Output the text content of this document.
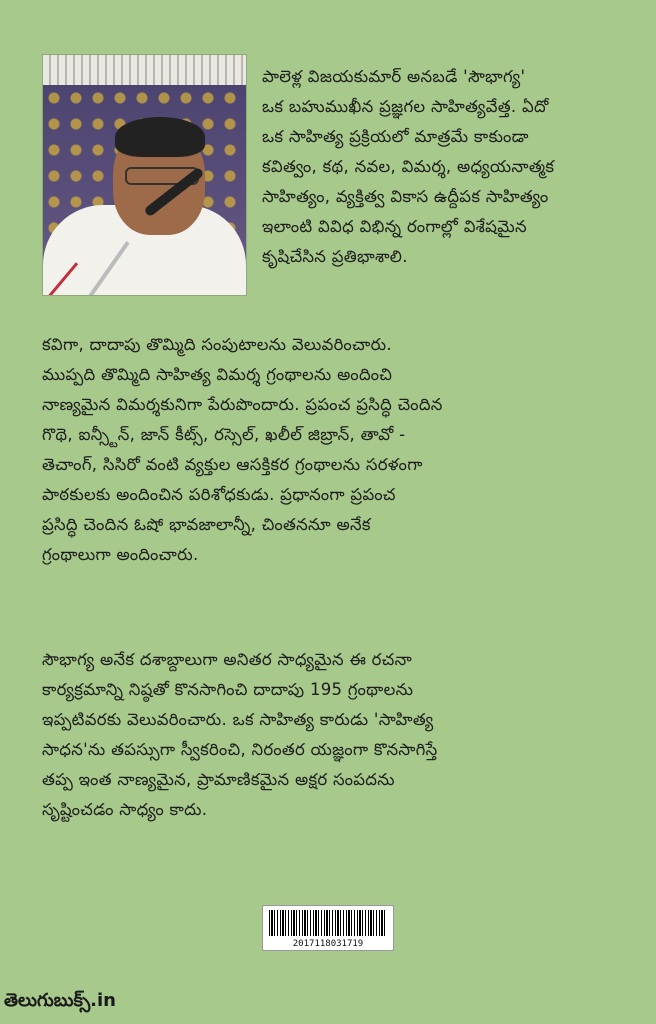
పాలెళ్ల విజయకుమార్ అనబడే 'సౌభాగ్య'
ఒక బహుముఖీన ప్రజ్ఞగల సాహిత్యవేత్త. ఏదో
ఒక సాహిత్య ప్రక్రియలో మాత్రమే కాకుండా
కవిత్వం, కథ, నవల, విమర్శ, అధ్యయనాత్మక
సాహిత్యం, వ్యక్తిత్వ వికాస ఉద్దీపక సాహిత్యం
ఇలాంటి వివిధ విభిన్న రంగాల్లో విశేషమైన
కృషిచేసిన ప్రతిభాశాలి.
కవిగా, దాదాపు తొమ్మిది సంపుటాలను వెలువరించారు.
ముప్పది తొమ్మిది సాహిత్య విమర్శ గ్రంథాలను అందించి
నాణ్యమైన విమర్శకునిగా పేరుపొందారు. ప్రపంచ ప్రసిద్ధి చెందిన
గొథె, ఐన్స్టీన్, జాన్ కీట్స్, రస్సెల్, ఖలీల్ జిబ్రాన్, తావో -
తెచాంగ్, సిసిరో వంటి వ్యక్తుల ఆసక్తికర గ్రంథాలను సరళంగా
పాఠకులకు అందించిన పరిశోధకుడు. ప్రధానంగా ప్రపంచ
ప్రసిద్ధి చెందిన ఓషో భావజాలాన్నీ, చింతననూ అనేక
గ్రంథాలుగా అందించారు.
సౌభాగ్య అనేక దశాబ్దాలుగా అనితర సాధ్యమైన ఈ రచనా
కార్యక్రమాన్ని నిష్ఠతో కొనసాగించి దాదాపు 195 గ్రంథాలను
ఇప్పటివరకు వెలువరించారు. ఒక సాహిత్య కారుడు 'సాహిత్య
సాధన'ను తపస్సుగా స్వీకరించి, నిరంతర యజ్ఞంగా కొనసాగిస్తే
తప్ప ఇంత నాణ్యమైన, ప్రామాణికమైన అక్షర సంపదను
సృష్టించడం సాధ్యం కాదు.
2017118031719
తెలుగుబుక్స్.in
